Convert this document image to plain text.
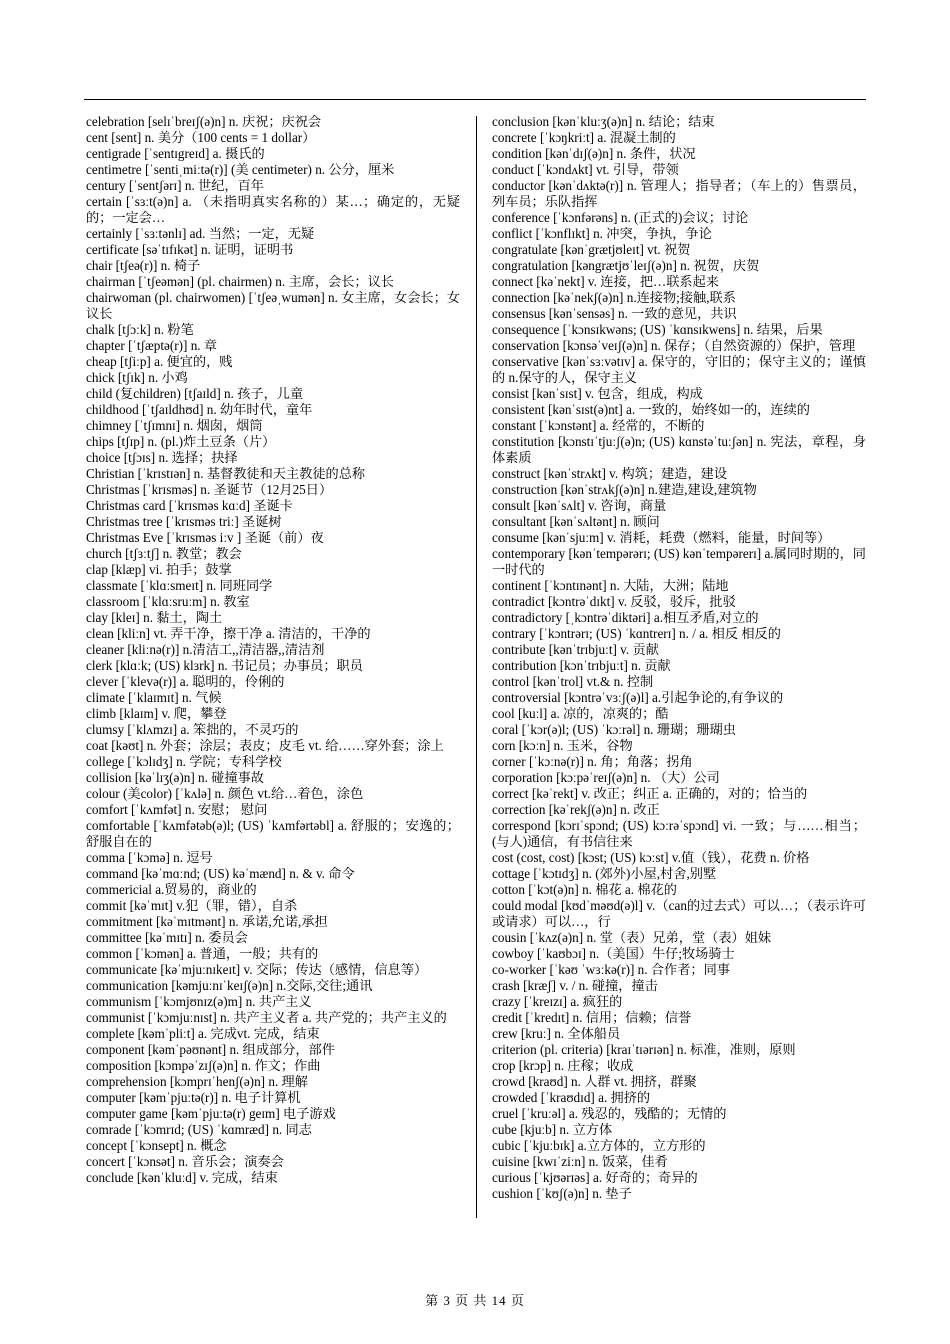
celebration [selɪˈbreɪʃ(ə)n] n. 庆祝；庆祝会

cent [sent] n. 美分（100 cents = 1 dollar）

centigrade [ˈsentɪgreɪd] a. 摄氏的

centimetre [ˈsentiˌmiːtə(r)] (美 centimeter) n. 公分，厘米

century [ˈsentʃərɪ] n. 世纪，百年

certain [ˈsɜːt(ə)n] a. （未指明真实名称的）某…；确定的，无疑的；一定会…

certainly [ˈsɜːtənlɪ] ad. 当然；一定，无疑

certificate [səˈtɪfɪkət] n. 证明，证明书

chair [tʃeə(r)] n. 椅子

chairman [ˈtʃeəmən] (pl. chairmen) n. 主席，会长；议长

chairwoman (pl. chairwomen) [ˈtʃeəˌwumən] n. 女主席，女会长；女议长

chalk [tʃɔːk] n. 粉笔

chapter [ˈtʃæptə(r)] n. 章

cheap [tʃiːp] a. 便宜的，贱

chick [tʃɪk] n. 小鸡

child (复children) [tʃaɪld] n. 孩子，儿童

childhood [ˈtʃaɪldhʊd] n. 幼年时代，童年

chimney [ˈtʃɪmnɪ] n. 烟囱，烟筒

chips [tʃɪp] n. (pl.)炸土豆条（片）

choice [tʃɔɪs] n. 选择；抉择

Christian [ˈkrɪstɪən] n. 基督教徒和天主教徒的总称

Christmas [ˈkrɪsməs] n. 圣诞节（12月25日）

Christmas card [ˈkrɪsməs kɑːd] 圣诞卡

Christmas tree [ˈkrɪsməs triː] 圣诞树

Christmas Eve [ˈkrɪsməs iːv ] 圣诞（前）夜

church [tʃɜːtʃ] n. 教堂；教会

clap [klæp] vi. 拍手；鼓掌

classmate [ˈklɑːsmeɪt] n. 同班同学

classroom [ˈklɑːsruːm] n. 教室

clay [kleɪ] n. 黏土，陶土

clean [kliːn] vt. 弄干净，擦干净 a. 清洁的，干净的

cleaner [kliːnə(r)] n.清洁工,,清洁器,,清洁剂

clerk [klɑːk; (US) klɜrk] n. 书记员；办事员；职员

clever [ˈklevə(r)] a. 聪明的，伶俐的

climate [ˈklaɪmɪt] n. 气候

climb [klaɪm] v. 爬，攀登

clumsy [ˈklʌmzɪ] a. 笨拙的，不灵巧的

coat [kəʊt] n. 外套；涂层；表皮；皮毛 vt. 给……穿外套；涂上

college [ˈkɔlɪdʒ] n. 学院；专科学校

collision [kəˈlɪʒ(ə)n] n. 碰撞事故

colour (美color) [ˈkʌlə] n. 颜色 vt.给…着色，涂色

comfort [ˈkʌmfət] n. 安慰； 慰问

comfortable [ˈkʌmfətəb(ə)l; (US) ˈkʌmfərtəbl] a. 舒服的；安逸的；舒服自在的

comma [ˈkɔmə] n. 逗号

command [kəˈmɑːnd; (US) kəˈmænd] n. & v. 命令

commericial a.贸易的，商业的

commit [kəˈmɪt] v.犯（罪，错），自杀

commitment [kəˈmɪtmənt] n. 承诺,允诺,承担

committee [kəˈmɪtɪ] n. 委员会

common [ˈkɔmən] a. 普通，一般；共有的

communicate [kəˈmjuːnɪkeɪt] v. 交际；传达（感情，信息等）

communication [kəmjuːnɪˈkeɪʃ(ə)n] n.交际,交往;通讯

communism [ˈkɔmjʊnɪz(ə)m] n. 共产主义

communist [ˈkɔmjuːnɪst] n. 共产主义者 a. 共产党的；共产主义的

complete [kəmˈpliːt] a. 完成vt. 完成，结束

component [kəmˈpəʊnənt] n. 组成部分，部件

composition [kɔmpəˈzɪʃ(ə)n] n. 作文；作曲

comprehension [kɔmprɪˈhenʃ(ə)n] n. 理解

computer [kəmˈpjuːtə(r)] n. 电子计算机

computer game [kəmˈpjuːtə(r) geɪm] 电子游戏

comrade [ˈkɔmrɪd; (US) ˈkɑmræd] n. 同志

concept [ˈkɔnsept] n. 概念

concert [ˈkɔnsət] n. 音乐会；演奏会

conclude [kənˈkluːd] v. 完成，结束

conclusion [kənˈkluːʒ(ə)n] n. 结论；结束

concrete [ˈkɔŋkriːt] a. 混凝土制的

condition [kənˈdɪʃ(ə)n] n. 条件，状况

conduct [ˈkɔndʌkt] vt. 引导，带领

conductor [kənˈdʌktə(r)] n. 管理人；指导者；（车上的）售票员，列车员；乐队指挥

conference [ˈkɔnfərəns] n. (正式的)会议；讨论

conflict [ˈkɔnflɪkt] n. 冲突，争执，争论

congratulate [kənˈgrætjʊleɪt] vt. 祝贺

congratulation [kəngrætjʊˈleɪʃ(ə)n] n. 祝贺，庆贺

connect [kəˈnekt] v. 连接，把…联系起来

connection [kəˈnekʃ(ə)n] n.连接物;接触,联系

consensus [kənˈsensəs] n. 一致的意见，共识

consequence [ˈkɔnsɪkwəns; (US) ˈkɑnsɪkwens] n. 结果，后果

conservation [kɔnsəˈveɪʃ(ə)n] n. 保存；（自然资源的）保护，管理

conservative [kənˈsɜːvətɪv] a. 保守的，守旧的；保守主义的；谨慎的 n.保守的人，保守主义

consist [kənˈsɪst] v. 包含，组成，构成

consistent [kənˈsɪst(ə)nt] a. 一致的，始终如一的，连续的

constant [ˈkɔnstənt] a. 经常的，不断的

constitution [kɔnstɪˈtjuːʃ(ə)n; (US) kɑnstəˈtuːʃən] n. 宪法，章程，身体素质

construct [kənˈstrʌkt] v. 构筑；建造，建设

construction [kənˈstrʌkʃ(ə)n] n.建造,建设,建筑物

consult [kənˈsʌlt] v. 咨询，商量

consultant [kənˈsʌltənt] n. 顾问

consume [kənˈsjuːm] v. 消耗，耗费（燃料，能量，时间等）

contemporary [kənˈtempərərɪ; (US) kənˈtempərerɪ] a.属同时期的，同一时代的

continent [ˈkɔntɪnənt] n. 大陆，大洲；陆地

contradict [kɔntrəˈdɪkt] v. 反驳，驳斥，批驳

contradictory [ˌkɔntrəˈdiktəri] a.相互矛盾,对立的

contrary [ˈkɔntrərɪ; (US) ˈkɑntrerɪ] n. / a. 相反 相反的

contribute [kənˈtrɪbjuːt] v. 贡献

contribution [kɔnˈtrɪbjuːt] n. 贡献

control [kənˈtrol] vt.& n. 控制

controversial [kɔntrəˈvɜːʃ(ə)l] a.引起争论的,有争议的

cool [kuːl] a. 凉的，凉爽的；酷

coral [ˈkɔr(ə)l; (US) ˈkɔːrəl] n. 珊瑚；珊瑚虫

corn [kɔːn] n. 玉米，谷物

corner [ˈkɔːnə(r)] n. 角；角落；拐角

corporation [kɔːpəˈreɪʃ(ə)n] n. （大）公司

correct [kəˈrekt] v. 改正；纠正 a. 正确的，对的；恰当的

correction [kəˈrekʃ(ə)n] n. 改正

correspond [kɔrɪˈspɔnd; (US) kɔːrəˈspɔnd] vi. 一致；与……相当；(与人)通信，有书信往来

cost (cost, cost) [kɔst; (US) kɔːst] v.值（钱），花费 n. 价格

cottage [ˈkɔtɪdʒ] n. (郊外)小屋,村舍,别墅

cotton [ˈkɔt(ə)n] n. 棉花 a. 棉花的

could modal [kʊdˈməʊd(ə)l] v.（can的过去式）可以…；（表示许可或请求）可以…，行

cousin [ˈkʌz(ə)n] n. 堂（表）兄弟，堂（表）姐妹

cowboy [ˈkaʊbɔɪ] n.（美国）牛仔;牧场骑士

co-worker [ˈkəʊ ˈwɜːkə(r)] n. 合作者；同事

crash [kræʃ] v. / n. 碰撞，撞击

crazy [ˈkreɪzɪ] a. 疯狂的

credit [ˈkredɪt] n. 信用；信赖；信誉

crew [kruː] n. 全体船员

criterion (pl. criteria) [kraɪˈtɪərɪən] n. 标准，准则，原则

crop [krɔp] n. 庄稼；收成

crowd [kraʊd] n. 人群 vt. 拥挤，群聚

crowded [ˈkraʊdɪd] a. 拥挤的

cruel [ˈkruːəl] a. 残忍的，残酷的；无情的

cube [kjuːb] n. 立方体

cubic [ˈkjuːbɪk] a.立方体的，立方形的

cuisine [kwɪˈziːn] n. 饭菜，佳肴

curious [ˈkjʊərɪəs] a. 好奇的；奇异的

cushion [ˈkʊʃ(ə)n] n. 垫子

第 3 页 共 14 页
